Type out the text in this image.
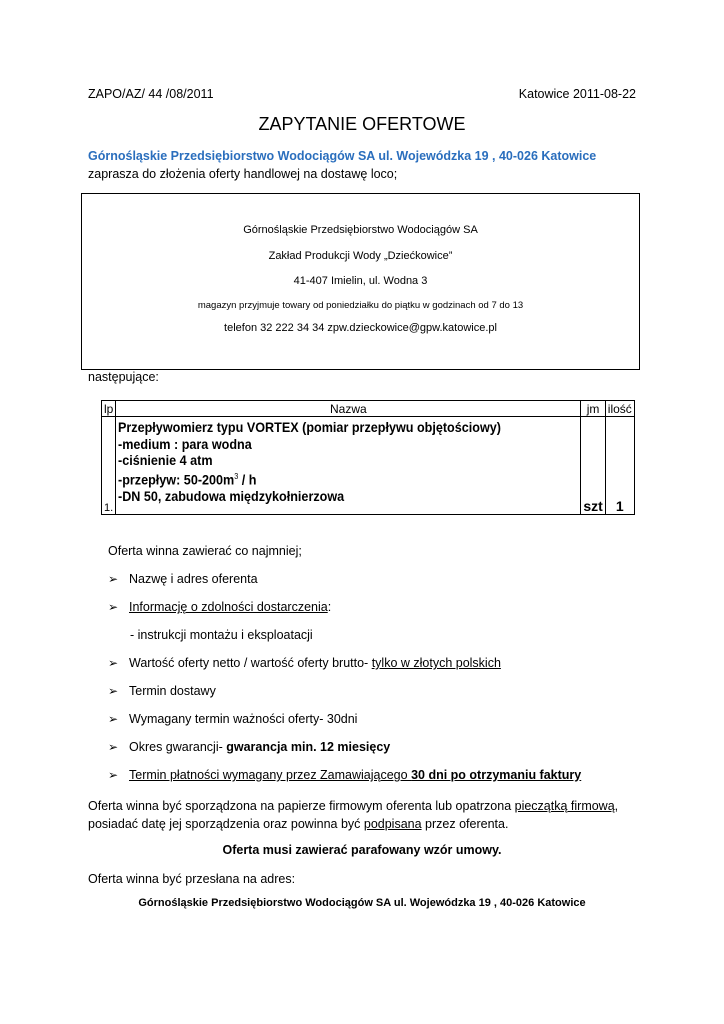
ZAPO/AZ/ 44 /08/2011	Katowice 2011-08-22
ZAPYTANIE OFERTOWE
Górnośląskie Przedsiębiorstwo Wodociągów SA ul. Wojewódzka 19 , 40-026 Katowice zaprasza do złożenia oferty handlowej na dostawę loco;
Górnośląskie Przedsiębiorstwo Wodociągów SA
Zakład Produkcji Wody „Dziećkowice”
41-407 Imielin, ul. Wodna 3
magazyn przyjmuje towary od poniedziałku do piątku w godzinach od 7 do 13
telefon 32 222 34 34 zpw.dzieckowice@gpw.katowice.pl
następujące:
lp	Nazwa	jm	ilość
1.	Przepływomierz typu VORTEX (pomiar przepływu objętościowy)
-medium : para wodna
-ciśnienie 4 atm
-przepływ: $50-200m^3$ / h
-DN 50, zabudowa międzykołnierzowa	szt	1
Oferta winna zawierać co najmniej;
➢ Nazwę i adres oferenta
➢ Informację o zdolności dostarczenia:
- instrukcji montażu i eksploatacji
➢ Wartość oferty netto / wartość oferty brutto- tylko w złotych polskich
➢ Termin dostawy
➢ Wymagany termin ważności oferty- 30dni
➢ Okres gwarancji- gwarancja min. 12 miesięcy
➢ Termin płatności wymagany przez Zamawiającego 30 dni po otrzymaniu faktury
Oferta winna być sporządzona na papierze firmowym oferenta lub opatrzona pieczątką firmową, posiadać datę jej sporządzenia oraz powinna być podpisana przez oferenta.
Oferta musi zawierać parafowany wzór umowy.
Oferta winna być przesłana na adres:
Górnośląskie Przedsiębiorstwo Wodociągów SA ul. Wojewódzka 19 , 40-026 Katowice
